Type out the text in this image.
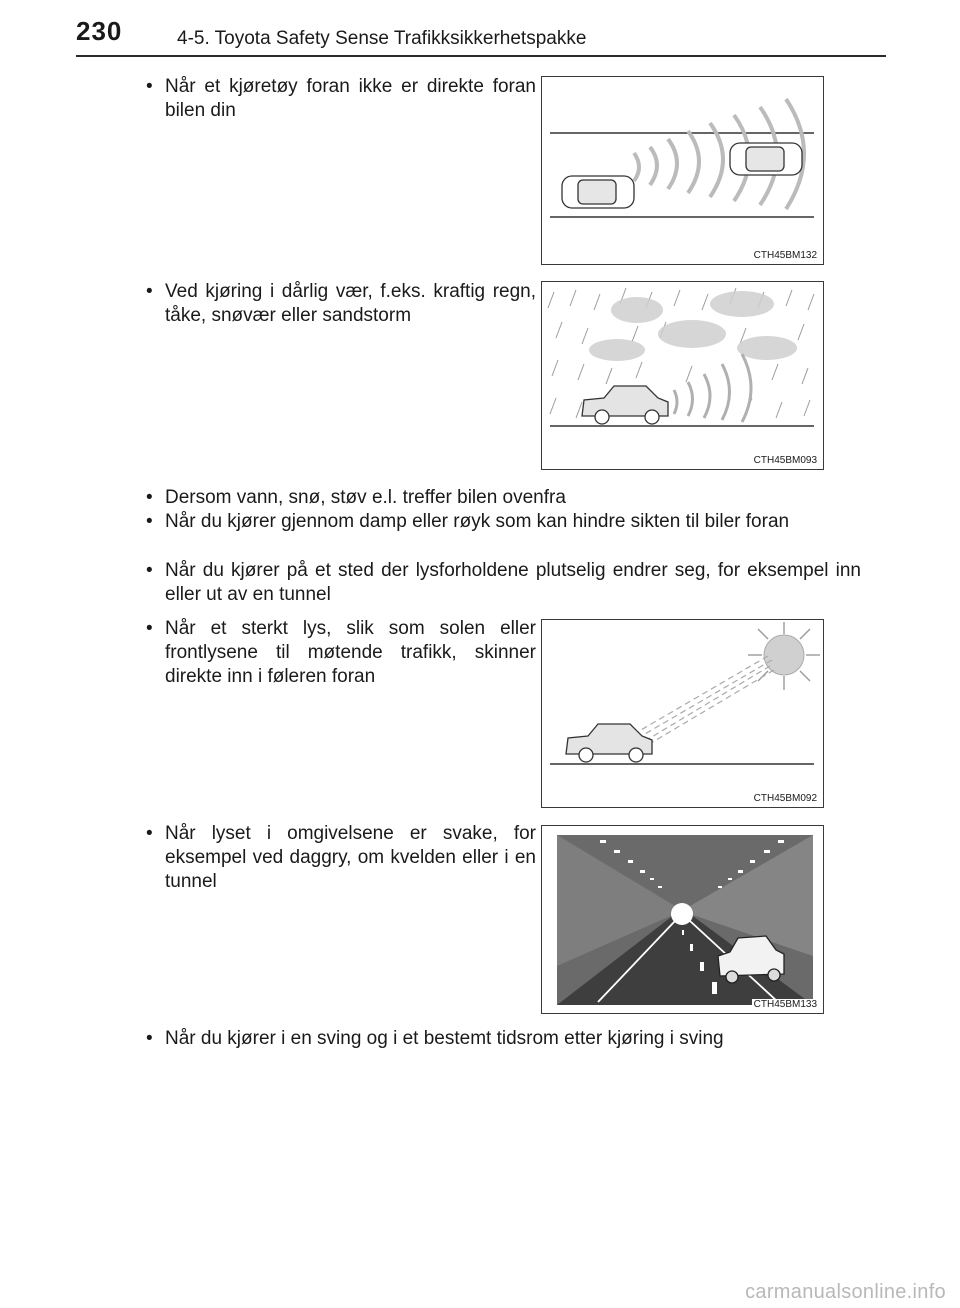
230	4-5. Toyota Safety Sense Trafikksikkerhetspakke
• Når et kjøretøy foran ikke er direkte foran bilen din
• Ved kjøring i dårlig vær, f.eks. kraftig regn, tåke, snøvær eller sandstorm
• Dersom vann, snø, støv e.l. treffer bilen ovenfra
• Når du kjører gjennom damp eller røyk som kan hindre sikten til biler foran
• Når du kjører på et sted der lysforholdene plutselig endrer seg, for eksempel inn eller ut av en tunnel
• Når et sterkt lys, slik som solen eller frontlysene til møtende trafikk, skinner direkte inn i føleren foran
• Når lyset i omgivelsene er svake, for eksempel ved daggry, om kvelden eller i en tunnel
• Når du kjører i en sving og i et bestemt tidsrom etter kjøring i sving
CTH45BM132
CTH45BM093
CTH45BM092
CTH45BM133
carmanualsonline.info
